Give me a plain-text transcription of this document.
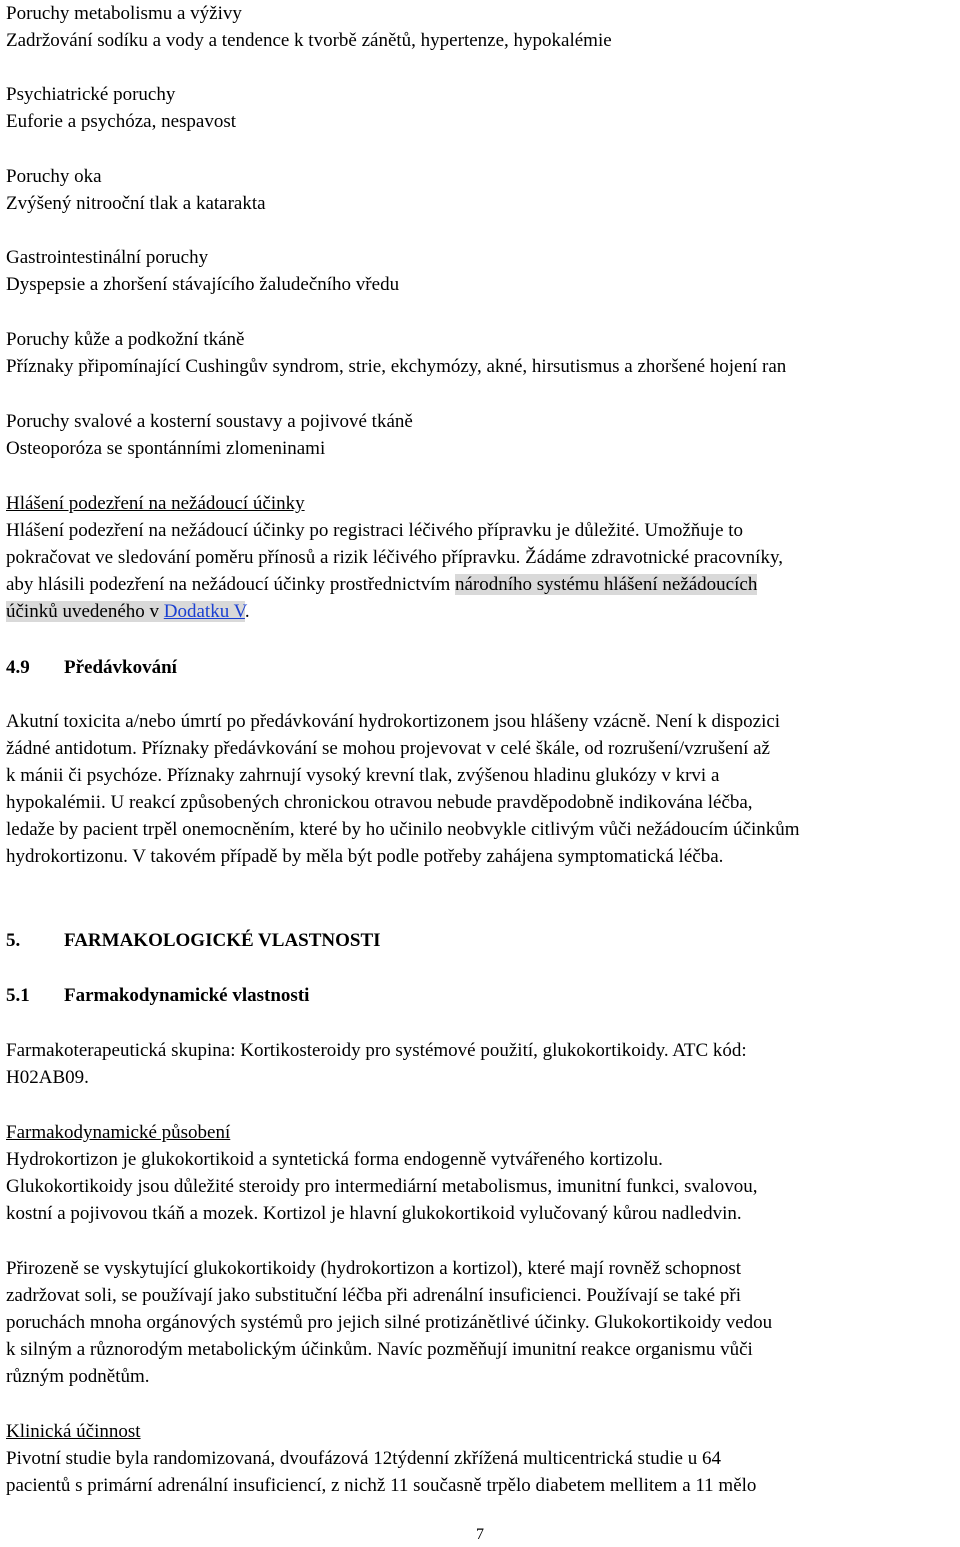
Poruchy metabolismu a výživy
Zadržování sodíku a vody a tendence k tvorbě zánětů, hypertenze, hypokalémie
Psychiatrické poruchy
Euforie a psychóza, nespavost
Poruchy oka
Zvýšený nitrooční tlak a katarakta
Gastrointestinální poruchy
Dyspepsie a zhoršení stávajícího žaludečního vředu
Poruchy kůže a podkožní tkáně
Příznaky připomínající Cushingův syndrom, strie, ekchymózy, akné, hirsutismus a zhoršené hojení ran
Poruchy svalové a kosterní soustavy a pojivové tkáně
Osteoporóza se spontánními zlomeninami
Hlášení podezření na nežádoucí účinky
Hlášení podezření na nežádoucí účinky po registraci léčivého přípravku je důležité. Umožňuje to
pokračovat ve sledování poměru přínosů a rizik léčivého přípravku. Žádáme zdravotnické pracovníky,
aby hlásili podezření na nežádoucí účinky prostřednictvím národního systému hlášení nežádoucích
účinků uvedeného v Dodatku V.
4.9 Předávkování
Akutní toxicita a/nebo úmrtí po předávkování hydrokortizonem jsou hlášeny vzácně. Není k dispozici
žádné antidotum. Příznaky předávkování se mohou projevovat v celé škále, od rozrušení/vzrušení až
k mánii či psychóze. Příznaky zahrnují vysoký krevní tlak, zvýšenou hladinu glukózy v krvi a
hypokalémii. U reakcí způsobených chronickou otravou nebude pravděpodobně indikována léčba,
ledaže by pacient trpěl onemocněním, které by ho učinilo neobvykle citlivým vůči nežádoucím účinkům
hydrokortizonu. V takovém případě by měla být podle potřeby zahájena symptomatická léčba.
5. FARMAKOLOGICKÉ VLASTNOSTI
5.1 Farmakodynamické vlastnosti
Farmakoterapeutická skupina: Kortikosteroidy pro systémové použití, glukokortikoidy. ATC kód:
H02AB09.
Farmakodynamické působení
Hydrokortizon je glukokortikoid a syntetická forma endogenně vytvářeného kortizolu.
Glukokortikoidy jsou důležité steroidy pro intermediární metabolismus, imunitní funkci, svalovou,
kostní a pojivovou tkáň a mozek. Kortizol je hlavní glukokortikoid vylučovaný kůrou nadledvin.
Přirozeně se vyskytující glukokortikoidy (hydrokortizon a kortizol), které mají rovněž schopnost
zadržovat soli, se používají jako substituční léčba při adrenální insuficienci. Používají se také při
poruchách mnoha orgánových systémů pro jejich silné protizánětlivé účinky. Glukokortikoidy vedou
k silným a různorodým metabolickým účinkům. Navíc pozměňují imunitní reakce organismu vůči
různým podnětům.
Klinická účinnost
Pivotní studie byla randomizovaná, dvoufázová 12týdenní zkřížená multicentrická studie u 64
pacientů s primární adrenální insuficiencí, z nichž 11 současně trpělo diabetem mellitem a 11 mělo
7
